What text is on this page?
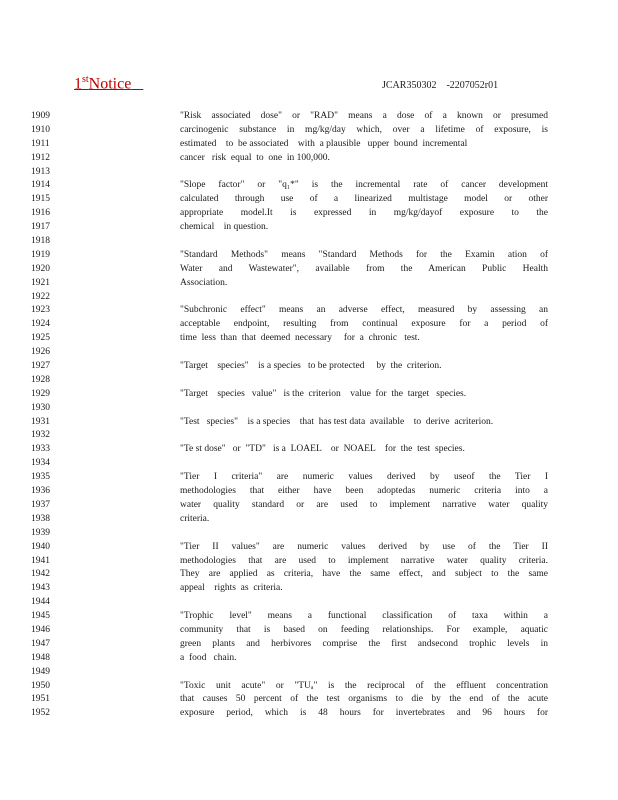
1stNotice	JCAR350302    -2207052r01
1909
1910
1911
1912
1913
1914
1915
1916
1917
1918
1919
1920
1921
1922
1923
1924
1925
1926
1927
1928
1929
1930
1931
1932
1933
1934
1935
1936
1937
1938
1939
1940
1941
1942
1943
1944
1945
1946
1947
1948
1949
1950
1951
1952
"Risk associated dose" or "RAD" means a dose of a known or presumed
carcinogenic substance in mg/kg/day which, over a lifetime of exposure, is
estimated    to  be associated    with  a plausible   upper  bound  incremental
cancer   risk  equal  to  one  in 100,000.
"Slope factor" or "q₁*" is the incremental rate of cancer development
calculated through use of a linearized multistage model or other
appropriate model.It is expressed in mg/kg/dayof exposure to the
chemical    in question.
"Standard Methods" means "Standard Methods for the Examin ation of
Water and Wastewater", available from the American Public Health
Association.
"Subchronic effect" means an adverse effect, measured by assessing an
acceptable endpoint, resulting from continual exposure for a period of
time  less  than  that  deemed  necessary     for  a  chronic   test.
"Target    species"    is a species   to be protected     by  the  criterion.
"Target    species   value"   is the  criterion    value  for  the  target   species.
"Test   species"    is a species    that  has test data  available    to  derive  acriterion.
"Te st dose"   or  "TD"   is a  LOAEL    or  NOAEL    for  the  test  species.
"Tier I criteria" are numeric values derived by useof the Tier I
methodologies that either have been adoptedas numeric criteria into a
water quality standard or are used to implement narrative water quality
criteria.
"Tier II values" are numeric values derived by use of the Tier II
methodologies that are used to implement narrative water quality criteria.
They are applied as criteria, have the same effect, and subject to the same
appeal    rights  as  criteria.
"Trophic level" means a functional classification of taxa within a
community that is based on feeding relationships. For example, aquatic
green plants and herbivores comprise the first andsecond trophic levels in
a  food   chain.
"Toxic unit acute" or "TUₐ" is the reciprocal of the effluent concentration
that causes 50 percent of the test organisms to die by the end of the acute
exposure period, which is 48 hours for invertebrates and 96 hours for
